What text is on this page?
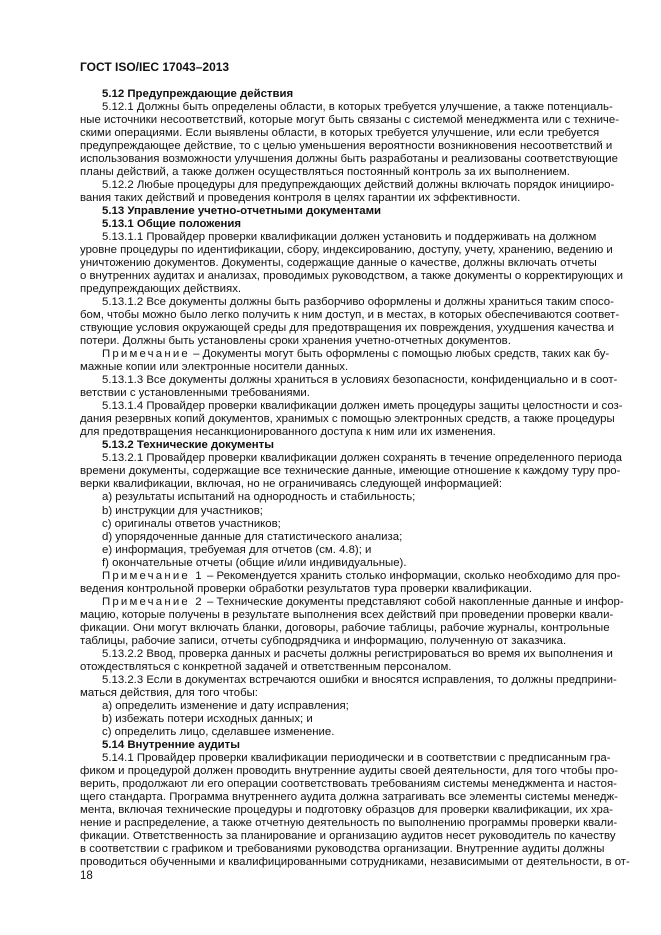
ГОСТ ISO/IEC 17043–2013
5.12 Предупреждающие действия
5.12.1 Должны быть определены области, в которых требуется улучшение, а также потенциаль-
ные источники несоответствий, которые могут быть связаны с системой менеджмента или с техниче-
скими операциями. Если выявлены области, в которых требуется улучшение, или если требуется
предупреждающее действие, то с целью уменьшения вероятности возникновения несоответствий и
использования возможности улучшения должны быть разработаны и реализованы соответствующие
планы действий, а также должен осуществляться постоянный контроль за их выполнением.
5.12.2 Любые процедуры для предупреждающих действий должны включать порядок иницииро-
вания таких действий и проведения контроля в целях гарантии их эффективности.
5.13 Управление учетно-отчетными документами
5.13.1 Общие положения
5.13.1.1 Провайдер проверки квалификации должен установить и поддерживать на должном
уровне процедуры по идентификации, сбору, индексированию, доступу, учету, хранению, ведению и
уничтожению документов. Документы, содержащие данные о качестве, должны включать отчеты
о внутренних аудитах и анализах, проводимых руководством, а также документы о корректирующих и
предупреждающих действиях.
5.13.1.2 Все документы должны быть разборчиво оформлены и должны храниться таким спосо-
бом, чтобы можно было легко получить к ним доступ, и в местах, в которых обеспечиваются соответ-
ствующие условия окружающей среды для предотвращения их повреждения, ухудшения качества и
потери. Должны быть установлены сроки хранения учетно-отчетных документов.
Примечание – Документы могут быть оформлены с помощью любых средств, таких как бу-
мажные копии или электронные носители данных.
5.13.1.3 Все документы должны храниться в условиях безопасности, конфиденциально и в соот-
ветствии с установленными требованиями.
5.13.1.4 Провайдер проверки квалификации должен иметь процедуры защиты целостности и соз-
дания резервных копий документов, хранимых с помощью электронных средств, а также процедуры
для предотвращения несанкционированного доступа к ним или их изменения.
5.13.2 Технические документы
5.13.2.1 Провайдер проверки квалификации должен сохранять в течение определенного периода
времени документы, содержащие все технические данные, имеющие отношение к каждому туру про-
верки квалификации, включая, но не ограничиваясь следующей информацией:
a) результаты испытаний на однородность и стабильность;
b) инструкции для участников;
c) оригиналы ответов участников;
d) упорядоченные данные для статистического анализа;
e) информация, требуемая для отчетов (см. 4.8); и
f) окончательные отчеты (общие и/или индивидуальные).
Примечание 1 – Рекомендуется хранить столько информации, сколько необходимо для про-
ведения контрольной проверки обработки результатов тура проверки квалификации.
Примечание 2 – Технические документы представляют собой накопленные данные и инфор-
мацию, которые получены в результате выполнения всех действий при проведении проверки квали-
фикации. Они могут включать бланки, договоры, рабочие таблицы, рабочие журналы, контрольные
таблицы, рабочие записи, отчеты субподрядчика и информацию, полученную от заказчика.
5.13.2.2 Ввод, проверка данных и расчеты должны регистрироваться во время их выполнения и
отождествляться с конкретной задачей и ответственным персоналом.
5.13.2.3 Если в документах встречаются ошибки и вносятся исправления, то должны предприни-
маться действия, для того чтобы:
a) определить изменение и дату исправления;
b) избежать потери исходных данных; и
c) определить лицо, сделавшее изменение.
5.14 Внутренние аудиты
5.14.1 Провайдер проверки квалификации периодически и в соответствии с предписанным гра-
фиком и процедурой должен проводить внутренние аудиты своей деятельности, для того чтобы про-
верить, продолжают ли его операции соответствовать требованиям системы менеджмента и настоя-
щего стандарта. Программа внутреннего аудита должна затрагивать все элементы системы менедж-
мента, включая технические процедуры и подготовку образцов для проверки квалификации, их хра-
нение и распределение, а также отчетную деятельность по выполнению программы проверки квали-
фикации. Ответственность за планирование и организацию аудитов несет руководитель по качеству
в соответствии с графиком и требованиями руководства организации. Внутренние аудиты должны
проводиться обученными и квалифицированными сотрудниками, независимыми от деятельности, в от-
18
